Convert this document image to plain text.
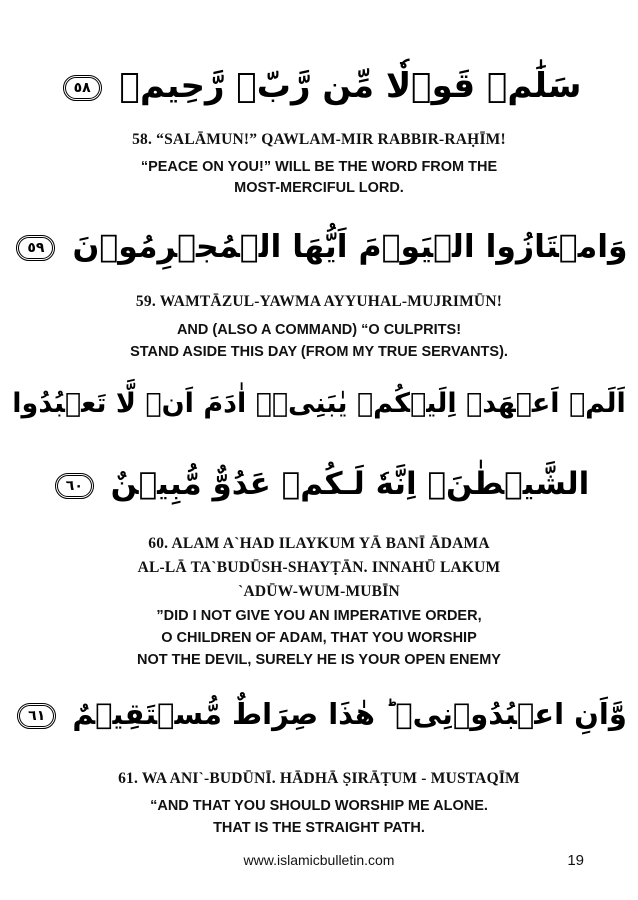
سَلَٰمٞ قَوۡلٗا مِّن رَّبّٖ رَّحِيمٖ ٥٨
58. “SALĀMUN!” QAWLAM-MIR RABBIR-RAḤĪM!
“PEACE ON YOU!” WILL BE THE WORD FROM THE
MOST-MERCIFUL LORD.
وَامۡتَازُوا الۡيَوۡمَ اَيُّهَا الۡمُجۡرِمُوۡنَ ٥٩
59. WAMTĀZUL-YAWMA AYYUHAL-MUJRIMŪN!
AND (ALSO A COMMAND) “O CULPRITS!
STAND ASIDE THIS DAY (FROM MY TRUE SERVANTS).
اَلَمۡ اَعۡهَدۡ اِلَيۡكُمۡ يٰبَنِىۡۤ اٰدَمَ اَنۡ لَّا تَعۡبُدُوا
الشَّيۡطٰنَ‌ۚ اِنَّهٗ لَـكُمۡ عَدُوٌّ مُّبِيۡنٌ ٦٠
60. ALAM A`HAD ILAYKUM YĀ BANĪ ĀDAMA
AL-LĀ TA`BUDŪSH-SHAYṬĀN. INNAHŪ LAKUM
`ADŪW-WUM-MUBĪN
”DID I NOT GIVE YOU AN IMPERATIVE ORDER,
O CHILDREN OF ADAM, THAT YOU WORSHIP
NOT THE DEVIL, SURELY HE IS YOUR OPEN ENEMY
وَّاَنِ اعۡبُدُوۡنِىۡ‌ ؕ هٰذَا صِرَاطٌ مُّسۡتَقِيۡمٌ ٦١
61. WA ANI`-BUDŪNĪ. HĀDHĀ ṢIRĀṬUM - MUSTAQĪM
“AND THAT YOU SHOULD WORSHIP ME ALONE.
THAT IS THE STRAIGHT PATH.
www.islamicbulletin.com	19
